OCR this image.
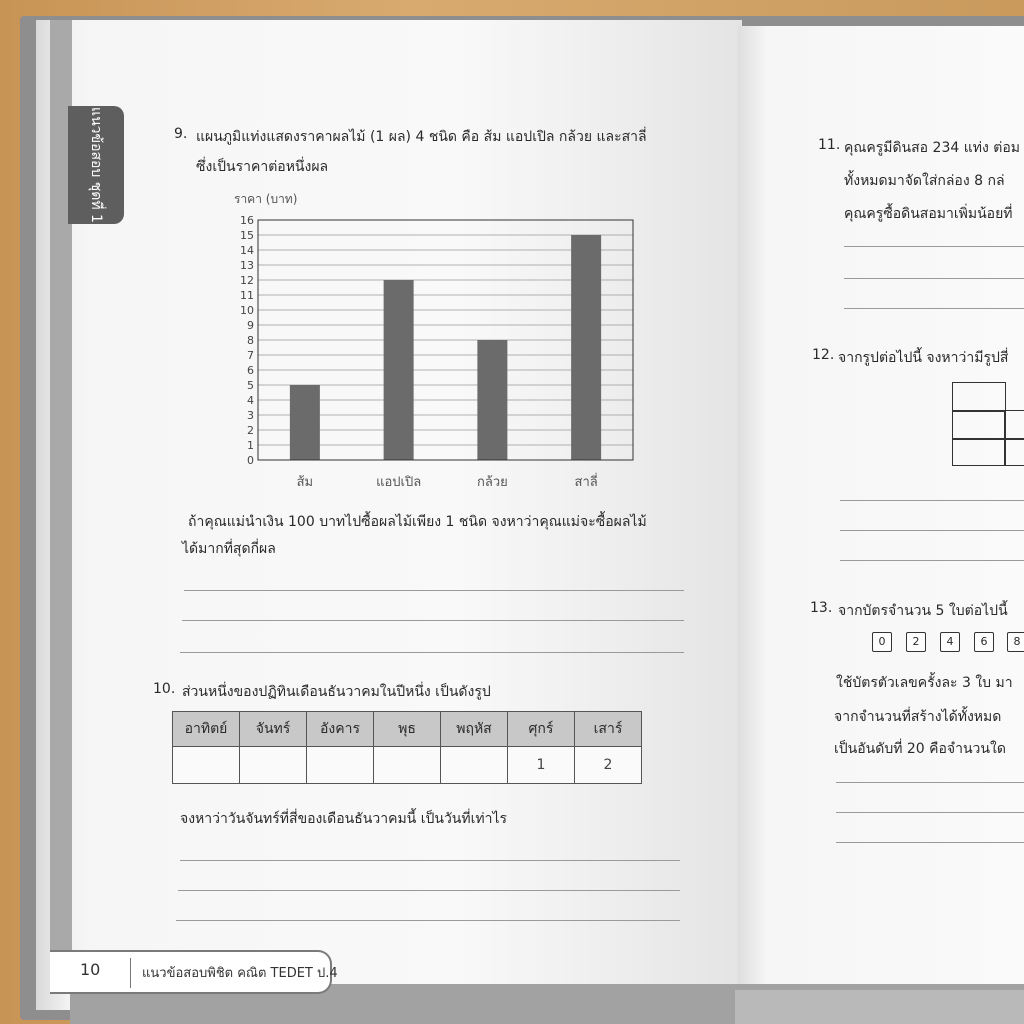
แนวข้อสอบ ชุดที่ 1	9. แผนภูมิแท่งแสดงราคาผลไม้ (1 ผล) 4 ชนิด คือ ส้ม แอปเปิล กล้วย และสาลี่
ซึ่งเป็นราคาต่อหนึ่งผล
ราคา (บาท)
0
1
2
3
4
5
6
7
8
9
10
11
12
13
14
15
16
ส้ม	แอปเปิล	กล้วย	สาลี่
ถ้าคุณแม่นำเงิน 100 บาทไปซื้อผลไม้เพียง 1 ชนิด จงหาว่าคุณแม่จะซื้อผลไม้
ได้มากที่สุดกี่ผล
10. ส่วนหนึ่งของปฏิทินเดือนธันวาคมในปีหนึ่ง เป็นดังรูป
อาทิตย์	จันทร์	อังคาร	พุธ	พฤหัส	ศุกร์	เสาร์
					1	2
จงหาว่าวันจันทร์ที่สี่ของเดือนธันวาคมนี้ เป็นวันที่เท่าไร
10	แนวข้อสอบพิชิต คณิต TEDET ป.4
11. คุณครูมีดินสอ 234 แท่ง ต่อม
ทั้งหมดมาจัดใส่กล่อง 8 กล่
คุณครูซื้อดินสอมาเพิ่มน้อยที่
12. จากรูปต่อไปนี้ จงหาว่ามีรูปสี่
13. จากบัตรจำนวน 5 ใบต่อไปนี้
0	2	4	6	8
ใช้บัตรตัวเลขครั้งละ 3 ใบ มา
จากจำนวนที่สร้างได้ทั้งหมด
เป็นอันดับที่ 20 คือจำนวนใด
